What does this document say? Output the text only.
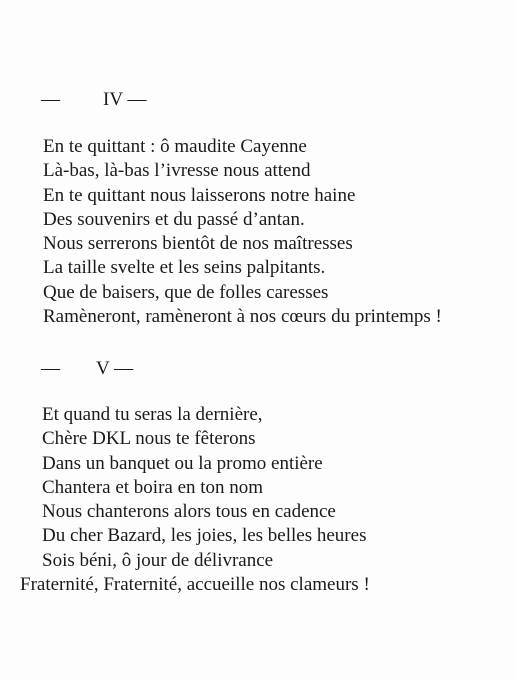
— IV —
En te quittant : ô maudite Cayenne
Là-bas, là-bas l’ivresse nous attend
En te quittant nous laisserons notre haine
Des souvenirs et du passé d’antan.
Nous serrerons bientôt de nos maîtresses
La taille svelte et les seins palpitants.
Que de baisers, que de folles caresses
Ramèneront, ramèneront à nos cœurs du printemps !
— V —
Et quand tu seras la dernière,
Chère DKL nous te fêterons
Dans un banquet ou la promo entière
Chantera et boira en ton nom
Nous chanterons alors tous en cadence
Du cher Bazard, les joies, les belles heures
Sois béni, ô jour de délivrance
Fraternité, Fraternité, accueille nos clameurs !
